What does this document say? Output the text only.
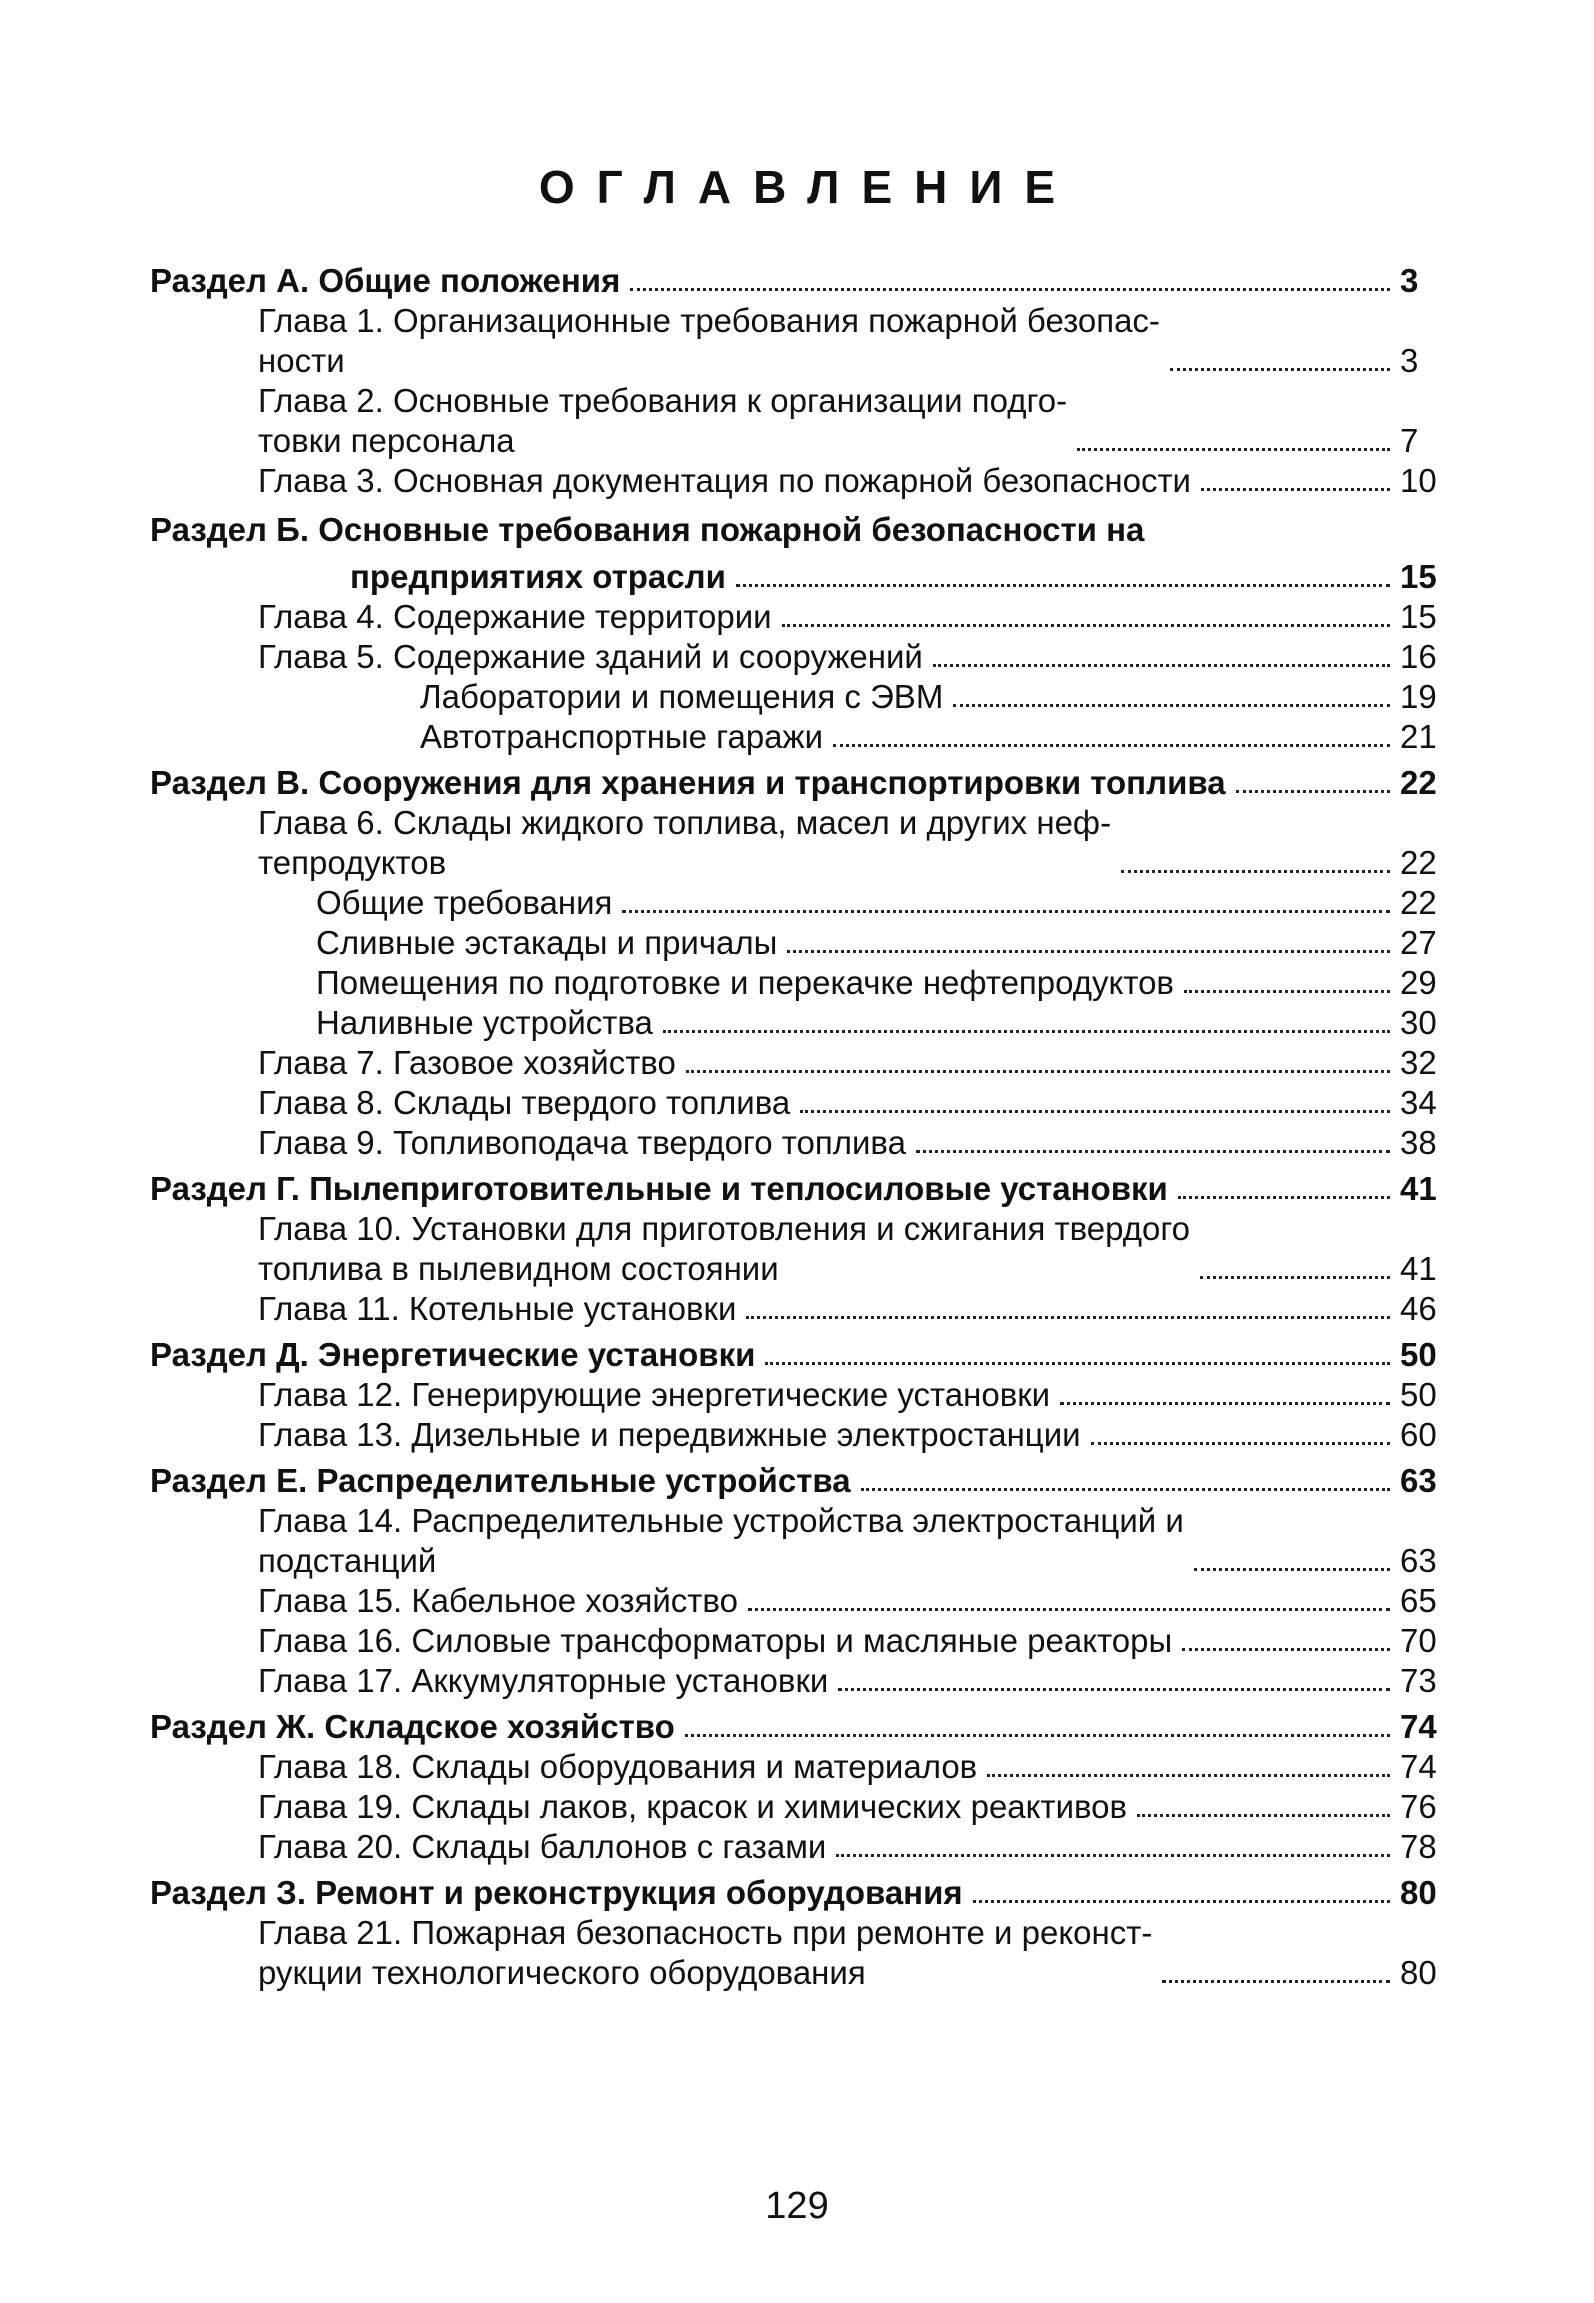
ОГЛАВЛЕНИЕ
Раздел А. Общие положения	3
Глава 1. Организационные требования пожарной безопас-
ности	3
Глава 2. Основные требования к организации подго-
товки персонала	7
Глава 3. Основная документация по пожарной безопасности	10
Раздел Б. Основные требования пожарной безопасности на
предприятиях отрасли	15
Глава 4. Содержание территории	15
Глава 5. Содержание зданий и сооружений	16
Лаборатории и помещения с ЭВМ	19
Автотранспортные гаражи	21
Раздел В. Сооружения для хранения и транспортировки топлива	22
Глава 6. Склады жидкого топлива, масел и других неф-
тепродуктов	22
Общие требования	22
Сливные эстакады и причалы	27
Помещения по подготовке и перекачке нефтепродуктов	29
Наливные устройства	30
Глава 7. Газовое хозяйство	32
Глава 8. Склады твердого топлива	34
Глава 9. Топливоподача твердого топлива	38
Раздел Г. Пылеприготовительные и теплосиловые установки	41
Глава 10. Установки для приготовления и сжигания твердого
топлива в пылевидном состоянии	41
Глава 11. Котельные установки	46
Раздел Д. Энергетические установки	50
Глава 12. Генерирующие энергетические установки	50
Глава 13. Дизельные и передвижные электростанции	60
Раздел Е. Распределительные устройства	63
Глава 14. Распределительные устройства электростанций и
подстанций	63
Глава 15. Кабельное хозяйство	65
Глава 16. Силовые трансформаторы и масляные реакторы	70
Глава 17. Аккумуляторные установки	73
Раздел Ж. Складское хозяйство	74
Глава 18. Склады оборудования и материалов	74
Глава 19. Склады лаков, красок и химических реактивов	76
Глава 20. Склады баллонов с газами	78
Раздел З. Ремонт и реконструкция оборудования	80
Глава 21. Пожарная безопасность при ремонте и реконст-
рукции технологического оборудования	80
129
